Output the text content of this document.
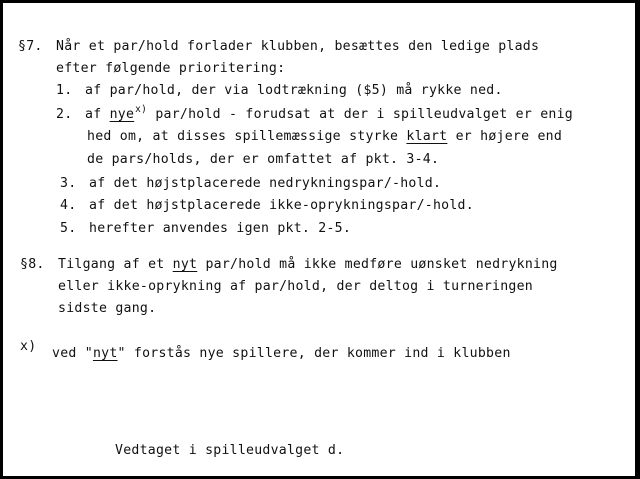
§7. Når et par/hold forlader klubben, besættes den ledige plads
efter følgende prioritering:
1. af par/hold, der via lodtrækning ($5) må rykke ned.
2. af nye$^{x)}$ par/hold - forudsat at der i spilleudvalget er enig
hed om, at disses spillemæssige styrke klart er højere end
de pars/holds, der er omfattet af pkt. 3-4.
3. af det højstplacerede nedrykningspar/-hold.
4. af det højstplacerede ikke-oprykningspar/-hold.
5. herefter anvendes igen pkt. 2-5.
§8. Tilgang af et nyt par/hold må ikke medføre uønsket nedrykning
eller ikke-oprykning af par/hold, der deltog i turneringen
sidste gang.
x) ved "nyt" forstås nye spillere, der kommer ind i klubben
Vedtaget i spilleudvalget d.
